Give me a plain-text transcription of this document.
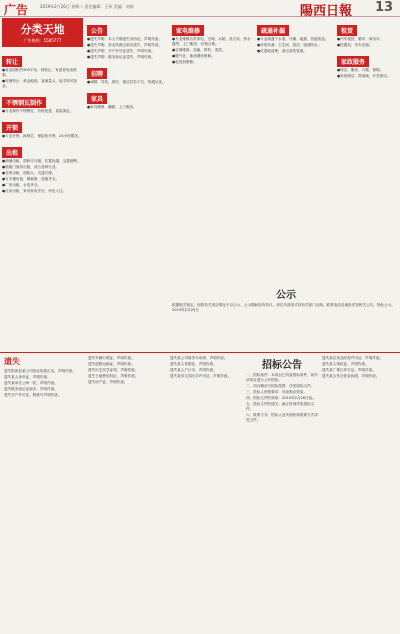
广告	2019年2月26日 星期二 责任编辑：王伟 美编：刘扬	陽西日報 13
分类天地
广告热线：5585777
转让
●营业面积约500平米，现转让，有意者电话联系。
●旺铺转让：黄金地段，客流量大，接手即可营业。
不锈钢瓦制作
●专业制作不锈钢瓦，价格优惠，质量保证。
开锁
●专业开锁、换锁芯、保险柜开锁，24小时服务。
出租
●商铺出租，面积可分割，位置优越，交通便利。
●临街门面房出租，适合各种行业。
●仓库出租，面积大，交通方便。
●写字楼出租，精装修，设施齐全。
●厂房出租，水电齐全。
●住房出租，家具家电齐全，拎包入住。
公告
●遗失声明：本人不慎遗失身份证，声明作废。
●遗失声明：营业执照正副本遗失，声明作废。
●遗失声明：开户许可证遗失，声明作废。
●遗失声明：税务登记证遗失，声明作废。
招聘
●诚聘：司机、保安、保洁员若干名，待遇从优。
家具
●家具维修、翻新，上门服务。
家电维修
●专业维修各类家电，空调、冰箱、洗衣机、热水器等，上门服务，价格合理。
●空调维修、加氟、移机、清洗。
●燃气灶、抽油烟机维修。
●电视机维修。
疏通补漏
●专业疏通下水道、马桶、地漏，管道改造。
●房屋补漏：卫生间、屋顶、墙面防水。
●化粪池清理，高压清洗管道。
租赁
●汽车租赁，婚车、商务车。
●挖掘机、吊车出租。
家政服务
●保洁、搬家、月嫂、保姆。
●家庭保洁，擦玻璃，开荒保洁。
公示
根据相关规定，现将有关项目情况予以公示。公示期间如有异议，请以书面形式向有关部门反映。联系电话及地址详见相关公告。特此公示。2019年2月25日
遗失
遗失阳西县某公司营业执照正本，声明作废。
遗失某人身份证，声明作废。
遗失某单位公章一枚，声明作废。
遗失税务登记证副本，声明作废。
遗失开户许可证，核准号声明作废。
遗失车辆行驶证，声明作废。
遗失道路运输证，声明作废。
遗失出生医学证明，声明作废。
遗失土地使用权证，声明作废。
遗失房产证，声明作废。
遗失某公司财务专用章，声明作废。
遗失某人驾驶证，声明作废。
遗失某人户口本，声明作废。
遗失某幼儿园办学许可证，声明作废。
招标公告
一、招标条件：本项目已具备招标条件，现对该项目进行公开招标。
二、项目概况与招标范围：详见招标文件。
三、投标人资格要求：具备相应资质。
四、招标文件的获取：2019年2月26日起。
五、投标文件的递交：截止时间详见招标文件。
六、联系方式：招标人及代理机构联系方式详见文件。
遗失某店食品经营许可证，声明作废。
遗失某人残疾证，声明作废。
遗失某厂排污许可证，声明作废。
遗失某合作社营业执照，声明作废。
